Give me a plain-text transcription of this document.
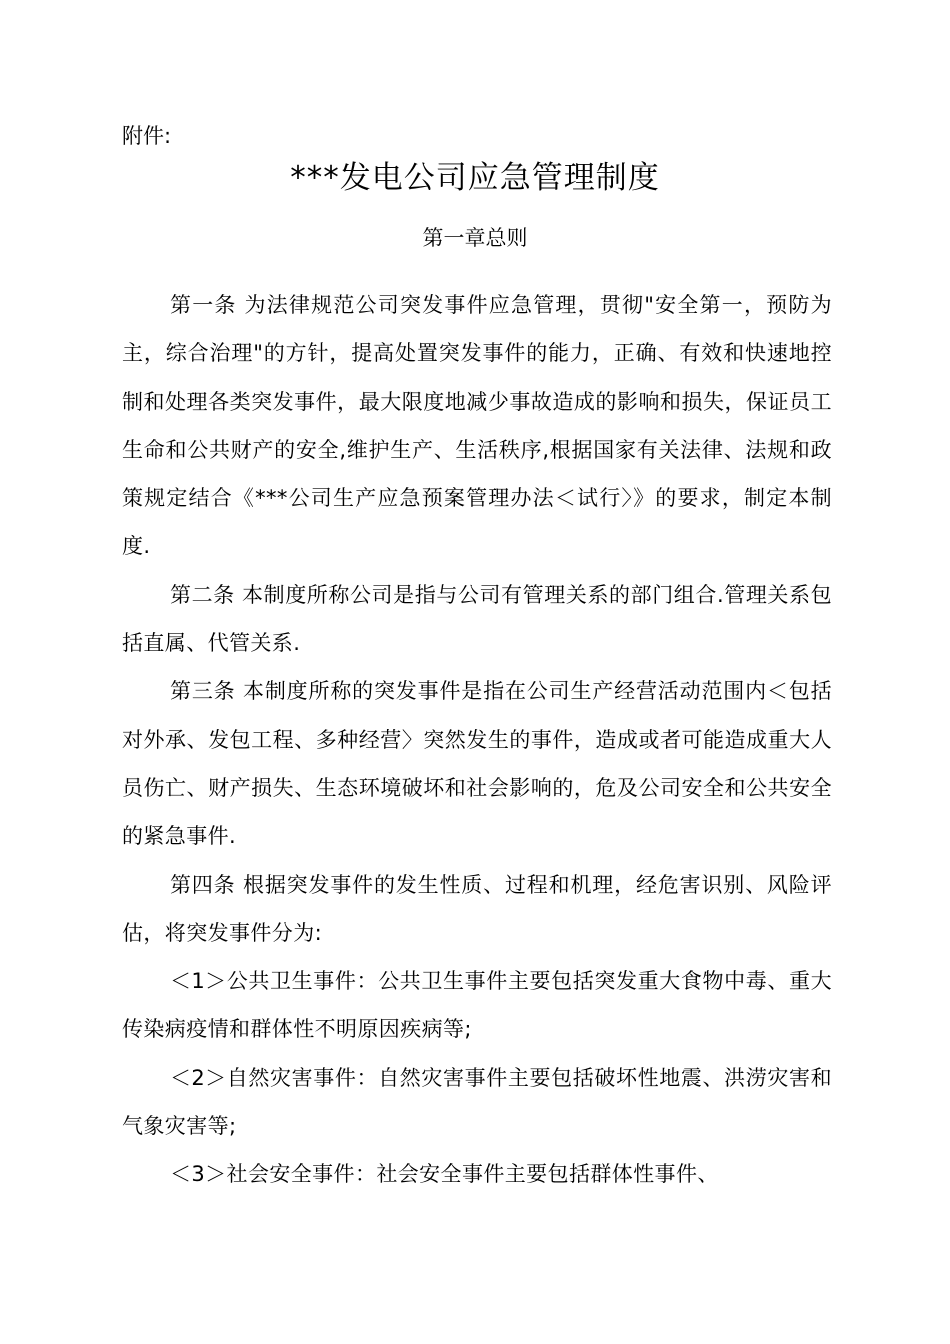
附件:
***发电公司应急管理制度
第一章总则

第一条 为法律规范公司突发事件应急管理，贯彻"安全第一，预防为主，综合治理"的方针，提高处置突发事件的能力，正确、有效和快速地控制和处理各类突发事件，最大限度地减少事故造成的影响和损失，保证员工生命和公共财产的安全,维护生产、生活秩序,根据国家有关法律、法规和政策规定结合《***公司生产应急预案管理办法＜试行〉》的要求，制定本制度.

第二条 本制度所称公司是指与公司有管理关系的部门组合.管理关系包括直属、代管关系.

第三条 本制度所称的突发事件是指在公司生产经营活动范围内＜包括对外承、发包工程、多种经营〉突然发生的事件，造成或者可能造成重大人员伤亡、财产损失、生态环境破坏和社会影响的，危及公司安全和公共安全的紧急事件.

第四条 根据突发事件的发生性质、过程和机理，经危害识别、风险评估，将突发事件分为:

＜1＞公共卫生事件：公共卫生事件主要包括突发重大食物中毒、重大传染病疫情和群体性不明原因疾病等;

＜2＞自然灾害事件：自然灾害事件主要包括破坏性地震、洪涝灾害和气象灾害等;

＜3＞社会安全事件：社会安全事件主要包括群体性事件、
